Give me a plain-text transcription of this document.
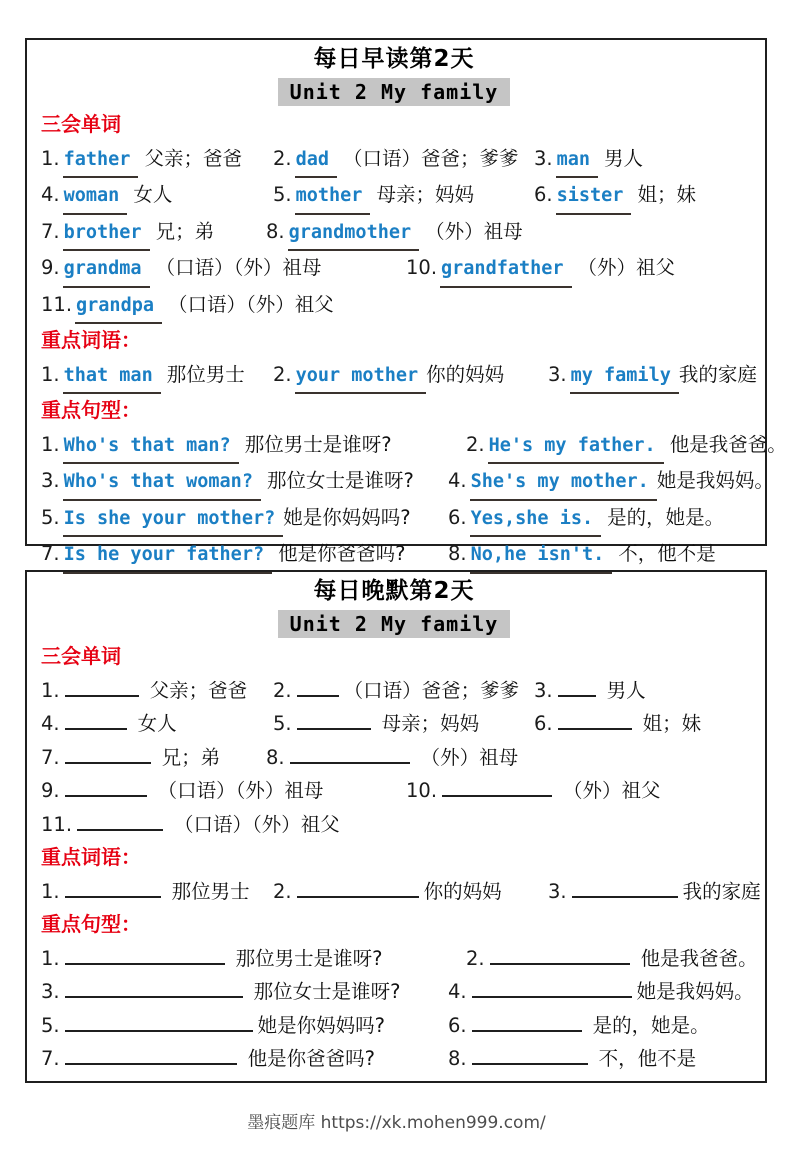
每日早读第2天
Unit 2 My family
三会单词
1. father 父亲；爸爸 2. dad （口语）爸爸；爹爹 3. man 男人
4. woman 女人	5. mother 母亲；妈妈	6. sister 姐；妹
7. brother 兄；弟	8. grandmother （外）祖母
9. grandma （口语）（外）祖母	10. grandfather （外）祖父
11. grandpa （口语）（外）祖父
重点词语：
1. that man 那位男士 2. your mother 你的妈妈 3. my family 我的家庭
重点句型：
1. Who's that man? 那位男士是谁呀?	2. He's my father. 他是我爸爸。
3. Who's that woman? 那位女士是谁呀? 4. She's my mother. 她是我妈妈。
5. Is she your mother? 她是你妈妈吗? 6. Yes,she is. 是的，她是。
7. Is he your father? 他是你爸爸吗? 8. No,he isn't. 不，他不是
每日晚默第2天
Unit 2 My family
三会单词
1.	父亲；爸爸 2.	（口语）爸爸；爹爹 3.	男人
4.	女人	5.	母亲；妈妈	6.	姐；妹
7.	兄；弟 8.	（外）祖母
9.	（口语）（外）祖母	10.	（外）祖父
11.	（口语）（外）祖父
重点词语：
1.	那位男士 2.	你的妈妈 3.	我的家庭
重点句型：
1.	那位男士是谁呀?	2.	他是我爸爸。
3.	那位女士是谁呀? 4.	她是我妈妈。
5.	她是你妈妈吗?	6.	是的，她是。
7.	他是你爸爸吗?	8.	不，他不是
墨痕题库 https://xk.mohen999.com/
